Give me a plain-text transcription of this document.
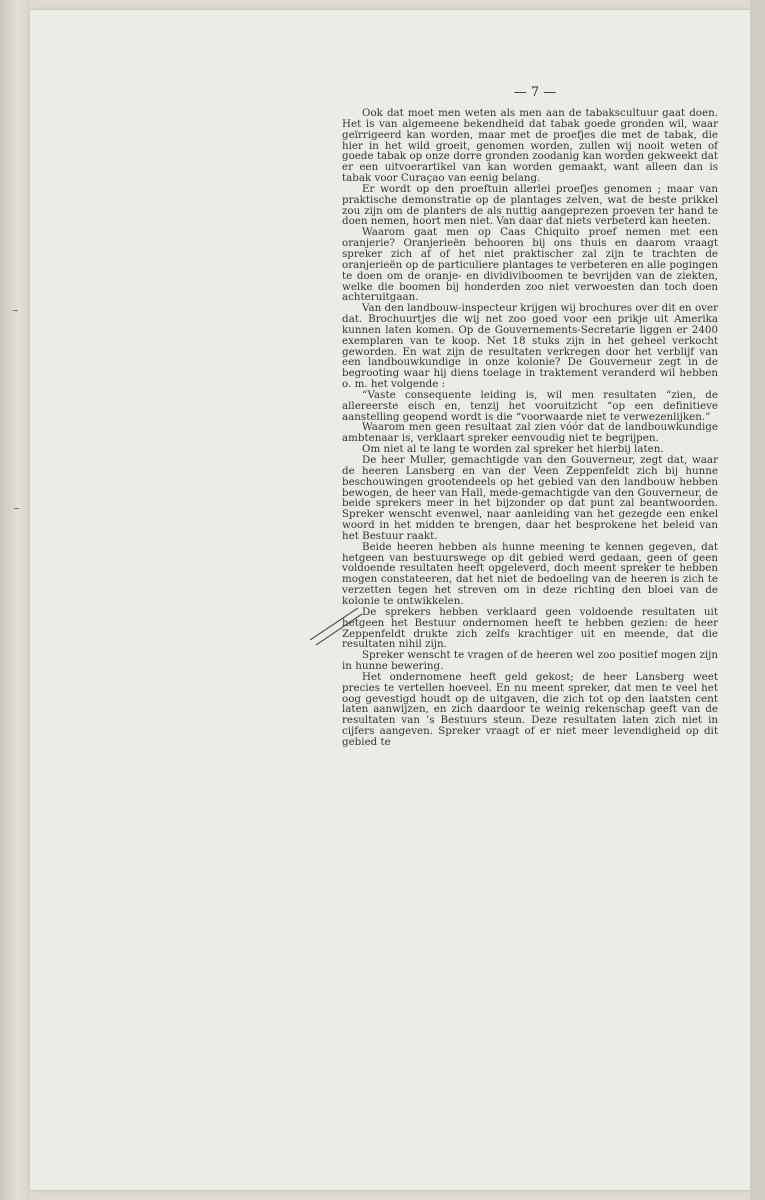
— 7 —

Ook dat moet men weten als men aan de tabakscultuur gaat doen. Het is van algemeene bekendheid dat tabak goede gronden wil, waar geïrrigeerd kan worden, maar met de proefjes die met de tabak, die hier in het wild groeit, genomen worden, zullen wij nooit weten of goede tabak op onze dorre gronden zoodanig kan worden gekweekt dat er een uitvoerartikel van kan worden gemaakt, want alleen dan is tabak voor Curaçao van eenig belang.

Er wordt op den proeftuin allerlei proefjes genomen ; maar van praktische demonstratie op de plantages zelven, wat de beste prikkel zou zijn om de planters de als nuttig aangeprezen proeven ter hand te doen nemen, hoort men niet. Van daar dat niets verbeterd kan heeten.

Waarom gaat men op Caas Chiquito proef nemen met een oranjerie? Oranjerieën behooren bij ons thuis en daarom vraagt spreker zich af of het niet praktischer zal zijn te trachten de oranjerieën op de particuliere plantages te verbeteren en alle pogingen te doen om de oranje- en dividiviboomen te bevrijden van de ziekten, welke die boomen bij honderden zoo niet verwoesten dan toch doen achteruitgaan.

Van den landbouw-inspecteur krijgen wij brochures over dit en over dat. Brochuurtjes die wij net zoo goed voor een prikje uit Amerika kunnen laten komen. Op de Gouvernements-Secretarie liggen er 2400 exemplaren van te koop. Net 18 stuks zijn in het geheel verkocht geworden. En wat zijn de resultaten verkregen door het verblijf van een landbouwkundige in onze kolonie? De Gouverneur zegt in de begrooting waar hij diens toelage in traktement veranderd wil hebben o. m. het volgende :

“Vaste consequente leiding is, wil men resultaten “zien, de allereerste eisch en, tenzij het vooruitzicht “op een definitieve aanstelling geopend wordt is die “voorwaarde niet te verwezenlijken.”

Waarom men geen resultaat zal zien vóór dat de landbouwkundige ambtenaar is, verklaart spreker eenvoudig niet te begrijpen.

Om niet al te lang te worden zal spreker het hierbij laten.

De heer Muller, gemachtigde van den Gouverneur, zegt dat, waar de heeren Lansberg en van der Veen Zeppenfeldt zich bij hunne beschouwingen grootendeels op het gebied van den landbouw hebben bewogen, de heer van Hall, mede-gemachtigde van den Gouverneur, de beide sprekers meer in het bijzonder op dat punt zal beantwoorden. Spreker wenscht evenwel, naar aanleiding van het gezegde een enkel woord in het midden te brengen, daar het besprokene het beleid van het Bestuur raakt.

Beide heeren hebben als hunne meening te kennen gegeven, dat hetgeen van bestuurswege op dit gebied werd gedaan, geen of geen voldoende resultaten heeft opgeleverd, doch meent spreker te hebben mogen constateeren, dat het niet de bedoeling van de heeren is zich te verzetten tegen het streven om in deze richting den bloei van de kolonie te ontwikkelen.

De sprekers hebben verklaard geen voldoende resultaten uit hetgeen het Bestuur ondernomen heeft te hebben gezien: de heer Zeppenfeldt drukte zich zelfs krachtiger uit en meende, dat die resultaten nihil zijn.

Spreker wenscht te vragen of de heeren wel zoo positief mogen zijn in hunne bewering.

Het ondernomene heeft geld gekost; de heer Lansberg weet precies te vertellen hoeveel. En nu meent spreker, dat men te veel het oog gevestigd houdt op de uitgaven, die zich tot op den laatsten cent laten aanwijzen, en zich daardoor te weinig rekenschap geeft van de resultaten van ’s Bestuurs steun. Deze resultaten laten zich niet in cijfers aangeven. Spreker vraagt of er niet meer levendigheid op dit gebied te
